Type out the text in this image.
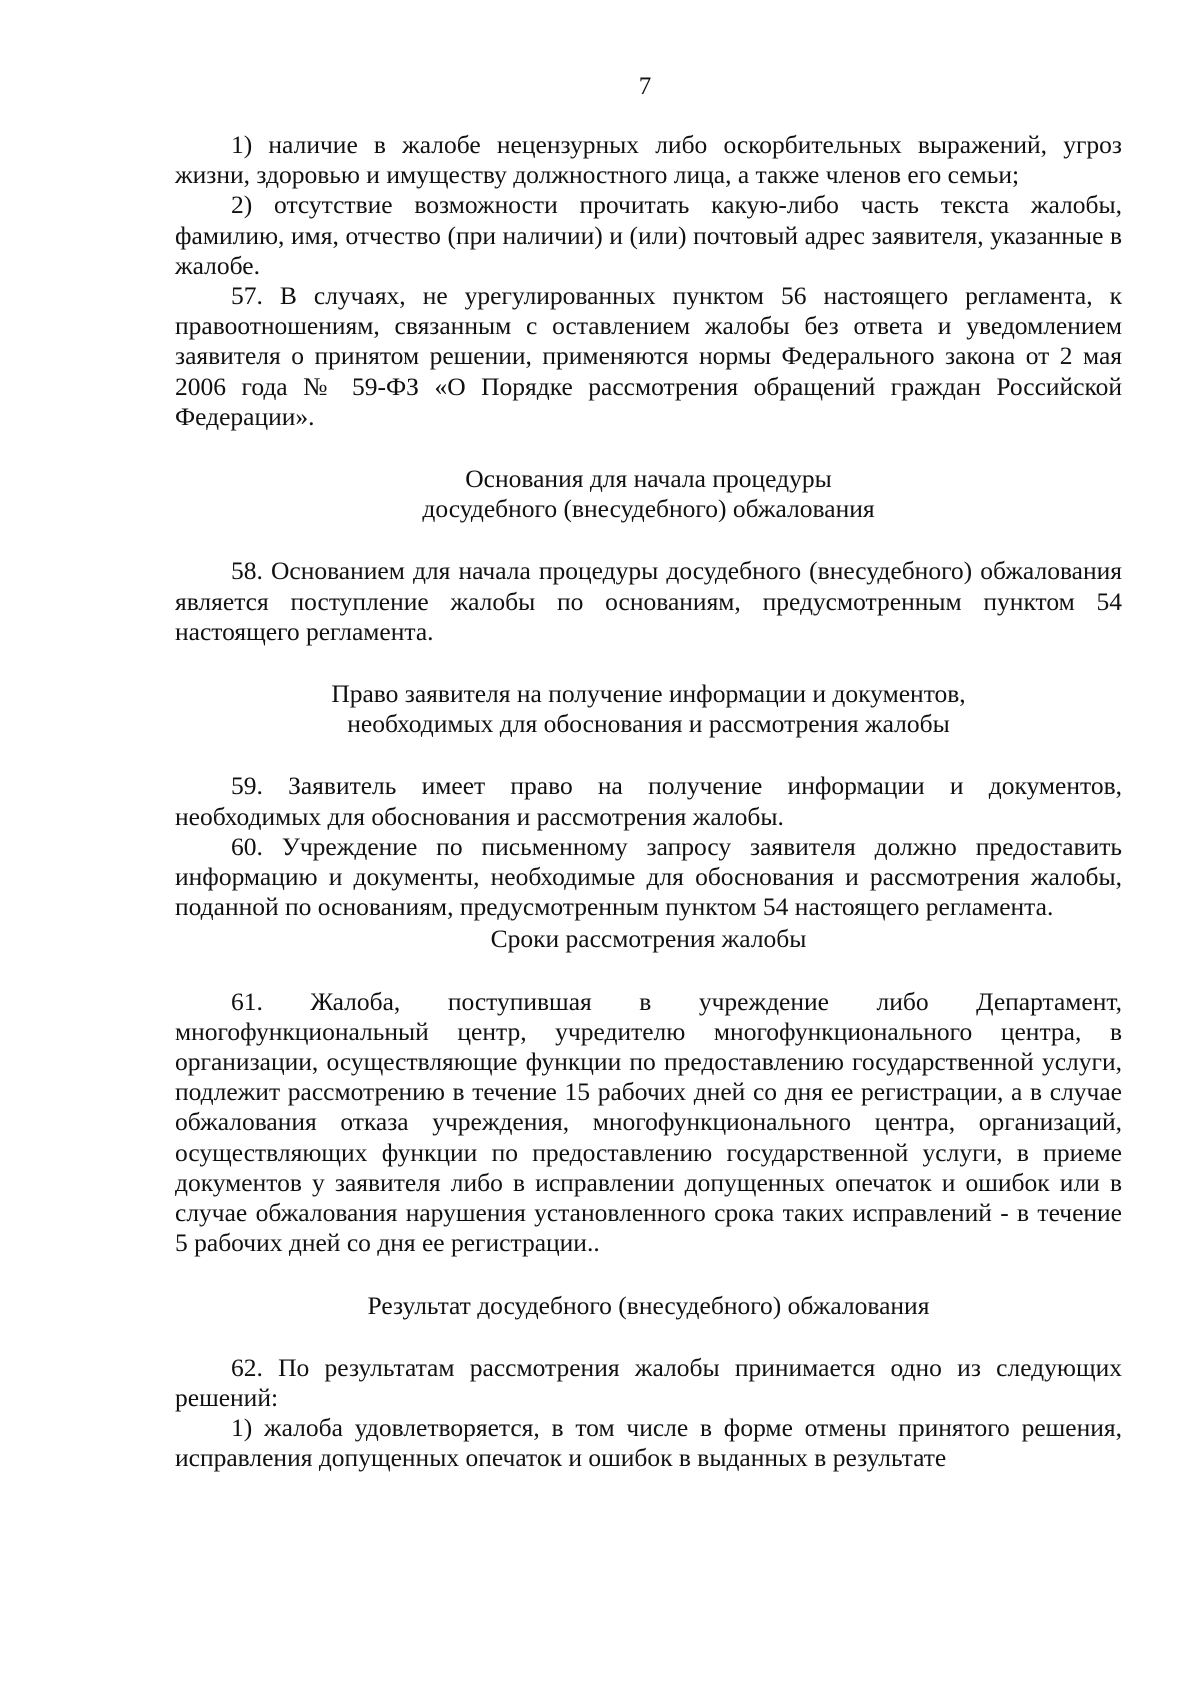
7

1) наличие в жалобе нецензурных либо оскорбительных выражений, угроз жизни, здоровью и имуществу должностного лица, а также членов его семьи;

2) отсутствие возможности прочитать какую-либо часть текста жалобы, фамилию, имя, отчество (при наличии) и (или) почтовый адрес заявителя, указанные в жалобе.

57. В случаях, не урегулированных пунктом 56 настоящего регламента, к правоотношениям, связанным с оставлением жалобы без ответа и уведомлением заявителя о принятом решении, применяются нормы Федерального закона от 2 мая 2006 года № 59-ФЗ «О Порядке рассмотрения обращений граждан Российской Федерации».

Основания для начала процедуры
досудебного (внесудебного) обжалования

58. Основанием для начала процедуры досудебного (внесудебного) обжалования является поступление жалобы по основаниям, предусмотренным пунктом 54 настоящего регламента.

Право заявителя на получение информации и документов,
необходимых для обоснования и рассмотрения жалобы

59. Заявитель имеет право на получение информации и документов, необходимых для обоснования и рассмотрения жалобы.

60. Учреждение по письменному запросу заявителя должно предоставить информацию и документы, необходимые для обоснования и рассмотрения жалобы, поданной по основаниям, предусмотренным пунктом 54 настоящего регламента.

Сроки рассмотрения жалобы

61. Жалоба, поступившая в учреждение либо Департамент, многофункциональный центр, учредителю многофункционального центра, в организации, осуществляющие функции по предоставлению государственной услуги, подлежит рассмотрению в течение 15 рабочих дней со дня ее регистрации, а в случае обжалования отказа учреждения, многофункционального центра, организаций, осуществляющих функции по предоставлению государственной услуги, в приеме документов у заявителя либо в исправлении допущенных опечаток и ошибок или в случае обжалования нарушения установленного срока таких исправлений - в течение 5 рабочих дней со дня ее регистрации..

Результат досудебного (внесудебного) обжалования

62. По результатам рассмотрения жалобы принимается одно из следующих решений:

1) жалоба удовлетворяется, в том числе в форме отмены принятого решения, исправления допущенных опечаток и ошибок в выданных в результате
